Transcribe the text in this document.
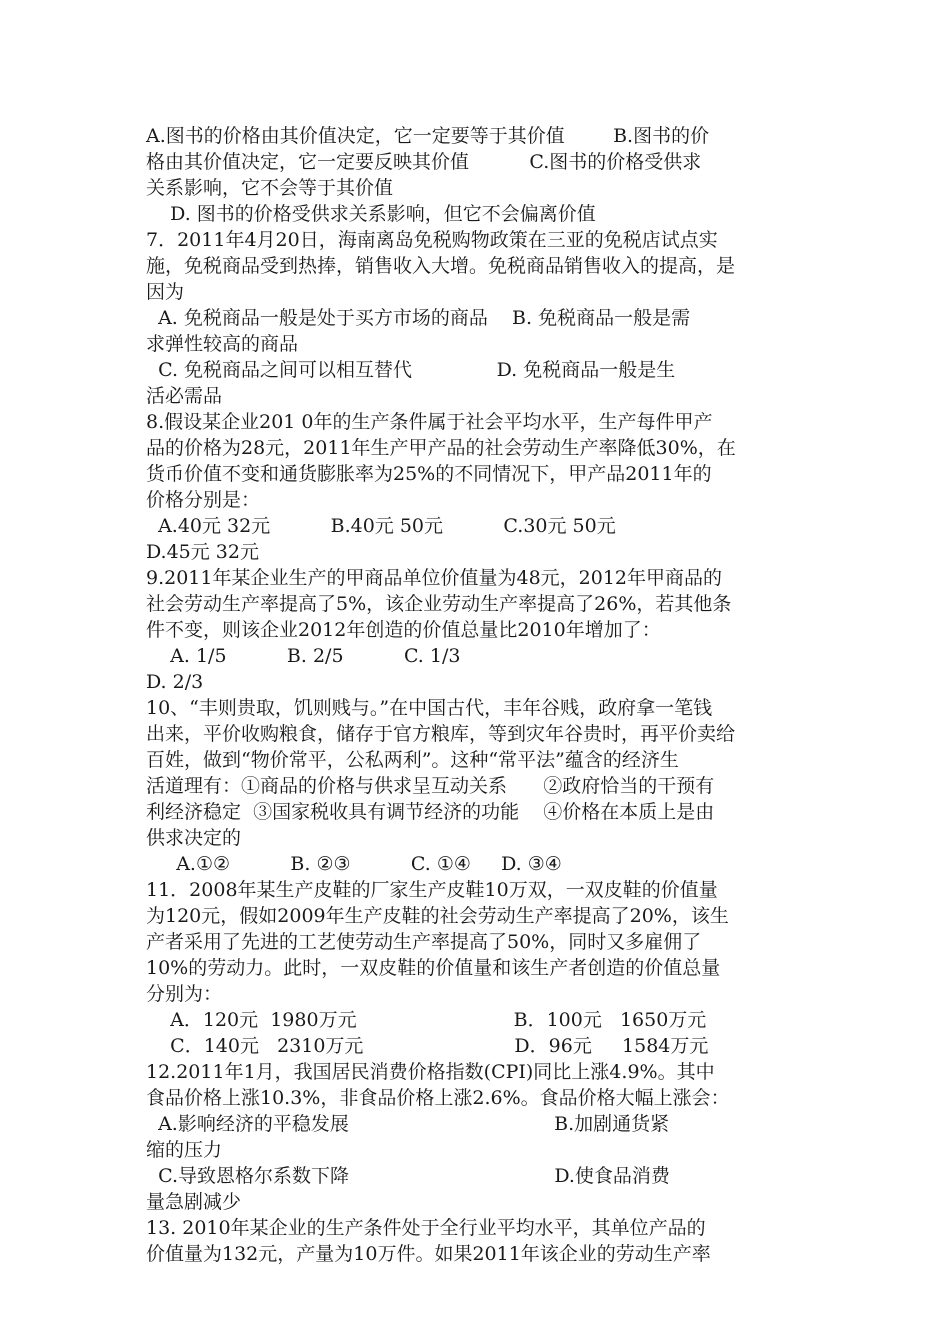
A.图书的价格由其价值决定，它一定要等于其价值        B.图书的价
格由其价值决定，它一定要反映其价值          C.图书的价格受供求
关系影响，它不会等于其价值
D. 图书的价格受供求关系影响，但它不会偏离价值
7．2011年4月20日，海南离岛免税购物政策在三亚的免税店试点实
施，免税商品受到热捧，销售收入大增。免税商品销售收入的提高，是
因为
A. 免税商品一般是处于买方市场的商品    B. 免税商品一般是需
求弹性较高的商品
C. 免税商品之间可以相互替代              D. 免税商品一般是生
活必需品
8.假设某企业201 0年的生产条件属于社会平均水平，生产每件甲产
品的价格为28元，2011年生产甲产品的社会劳动生产率降低30%，在
货币价值不变和通货膨胀率为25%的不同情况下，甲产品2011年的
价格分别是：
A.40元 32元          B.40元 50元          C.30元 50元
D.45元 32元
9.2011年某企业生产的甲商品单位价值量为48元，2012年甲商品的
社会劳动生产率提高了5%，该企业劳动生产率提高了26%，若其他条
件不变，则该企业2012年创造的价值总量比2010年增加了：
A. 1/5          B. 2/5          C. 1/3
D. 2/3
10、“丰则贵取，饥则贱与。”在中国古代，丰年谷贱，政府拿一笔钱
出来，平价收购粮食，储存于官方粮库，等到灾年谷贵时，再平价卖给
百姓，做到“物价常平，公私两利”。这种“常平法”蕴含的经济生
活道理有：①商品的价格与供求呈互动关系      ②政府恰当的干预有
利经济稳定  ③国家税收具有调节经济的功能    ④价格在本质上是由
供求决定的
A.①②          B. ②③          C. ①④     D. ③④
11．2008年某生产皮鞋的厂家生产皮鞋10万双，一双皮鞋的价值量
为120元，假如2009年生产皮鞋的社会劳动生产率提高了20%，该生
产者采用了先进的工艺使劳动生产率提高了50%，同时又多雇佣了
10%的劳动力。此时，一双皮鞋的价值量和该生产者创造的价值总量
分别为：
A．120元  1980万元                          B．100元   1650万元
C．140元   2310万元                         D．96元     1584万元
12.2011年1月，我国居民消费价格指数(CPI)同比上涨4.9%。其中
食品价格上涨10.3%，非食品价格上涨2.6%。食品价格大幅上涨会：
A.影响经济的平稳发展                                  B.加剧通货紧
缩的压力
C.导致恩格尔系数下降                                  D.使食品消费
量急剧减少
13. 2010年某企业的生产条件处于全行业平均水平，其单位产品的
价值量为132元，产量为10万件。如果2011年该企业的劳动生产率
